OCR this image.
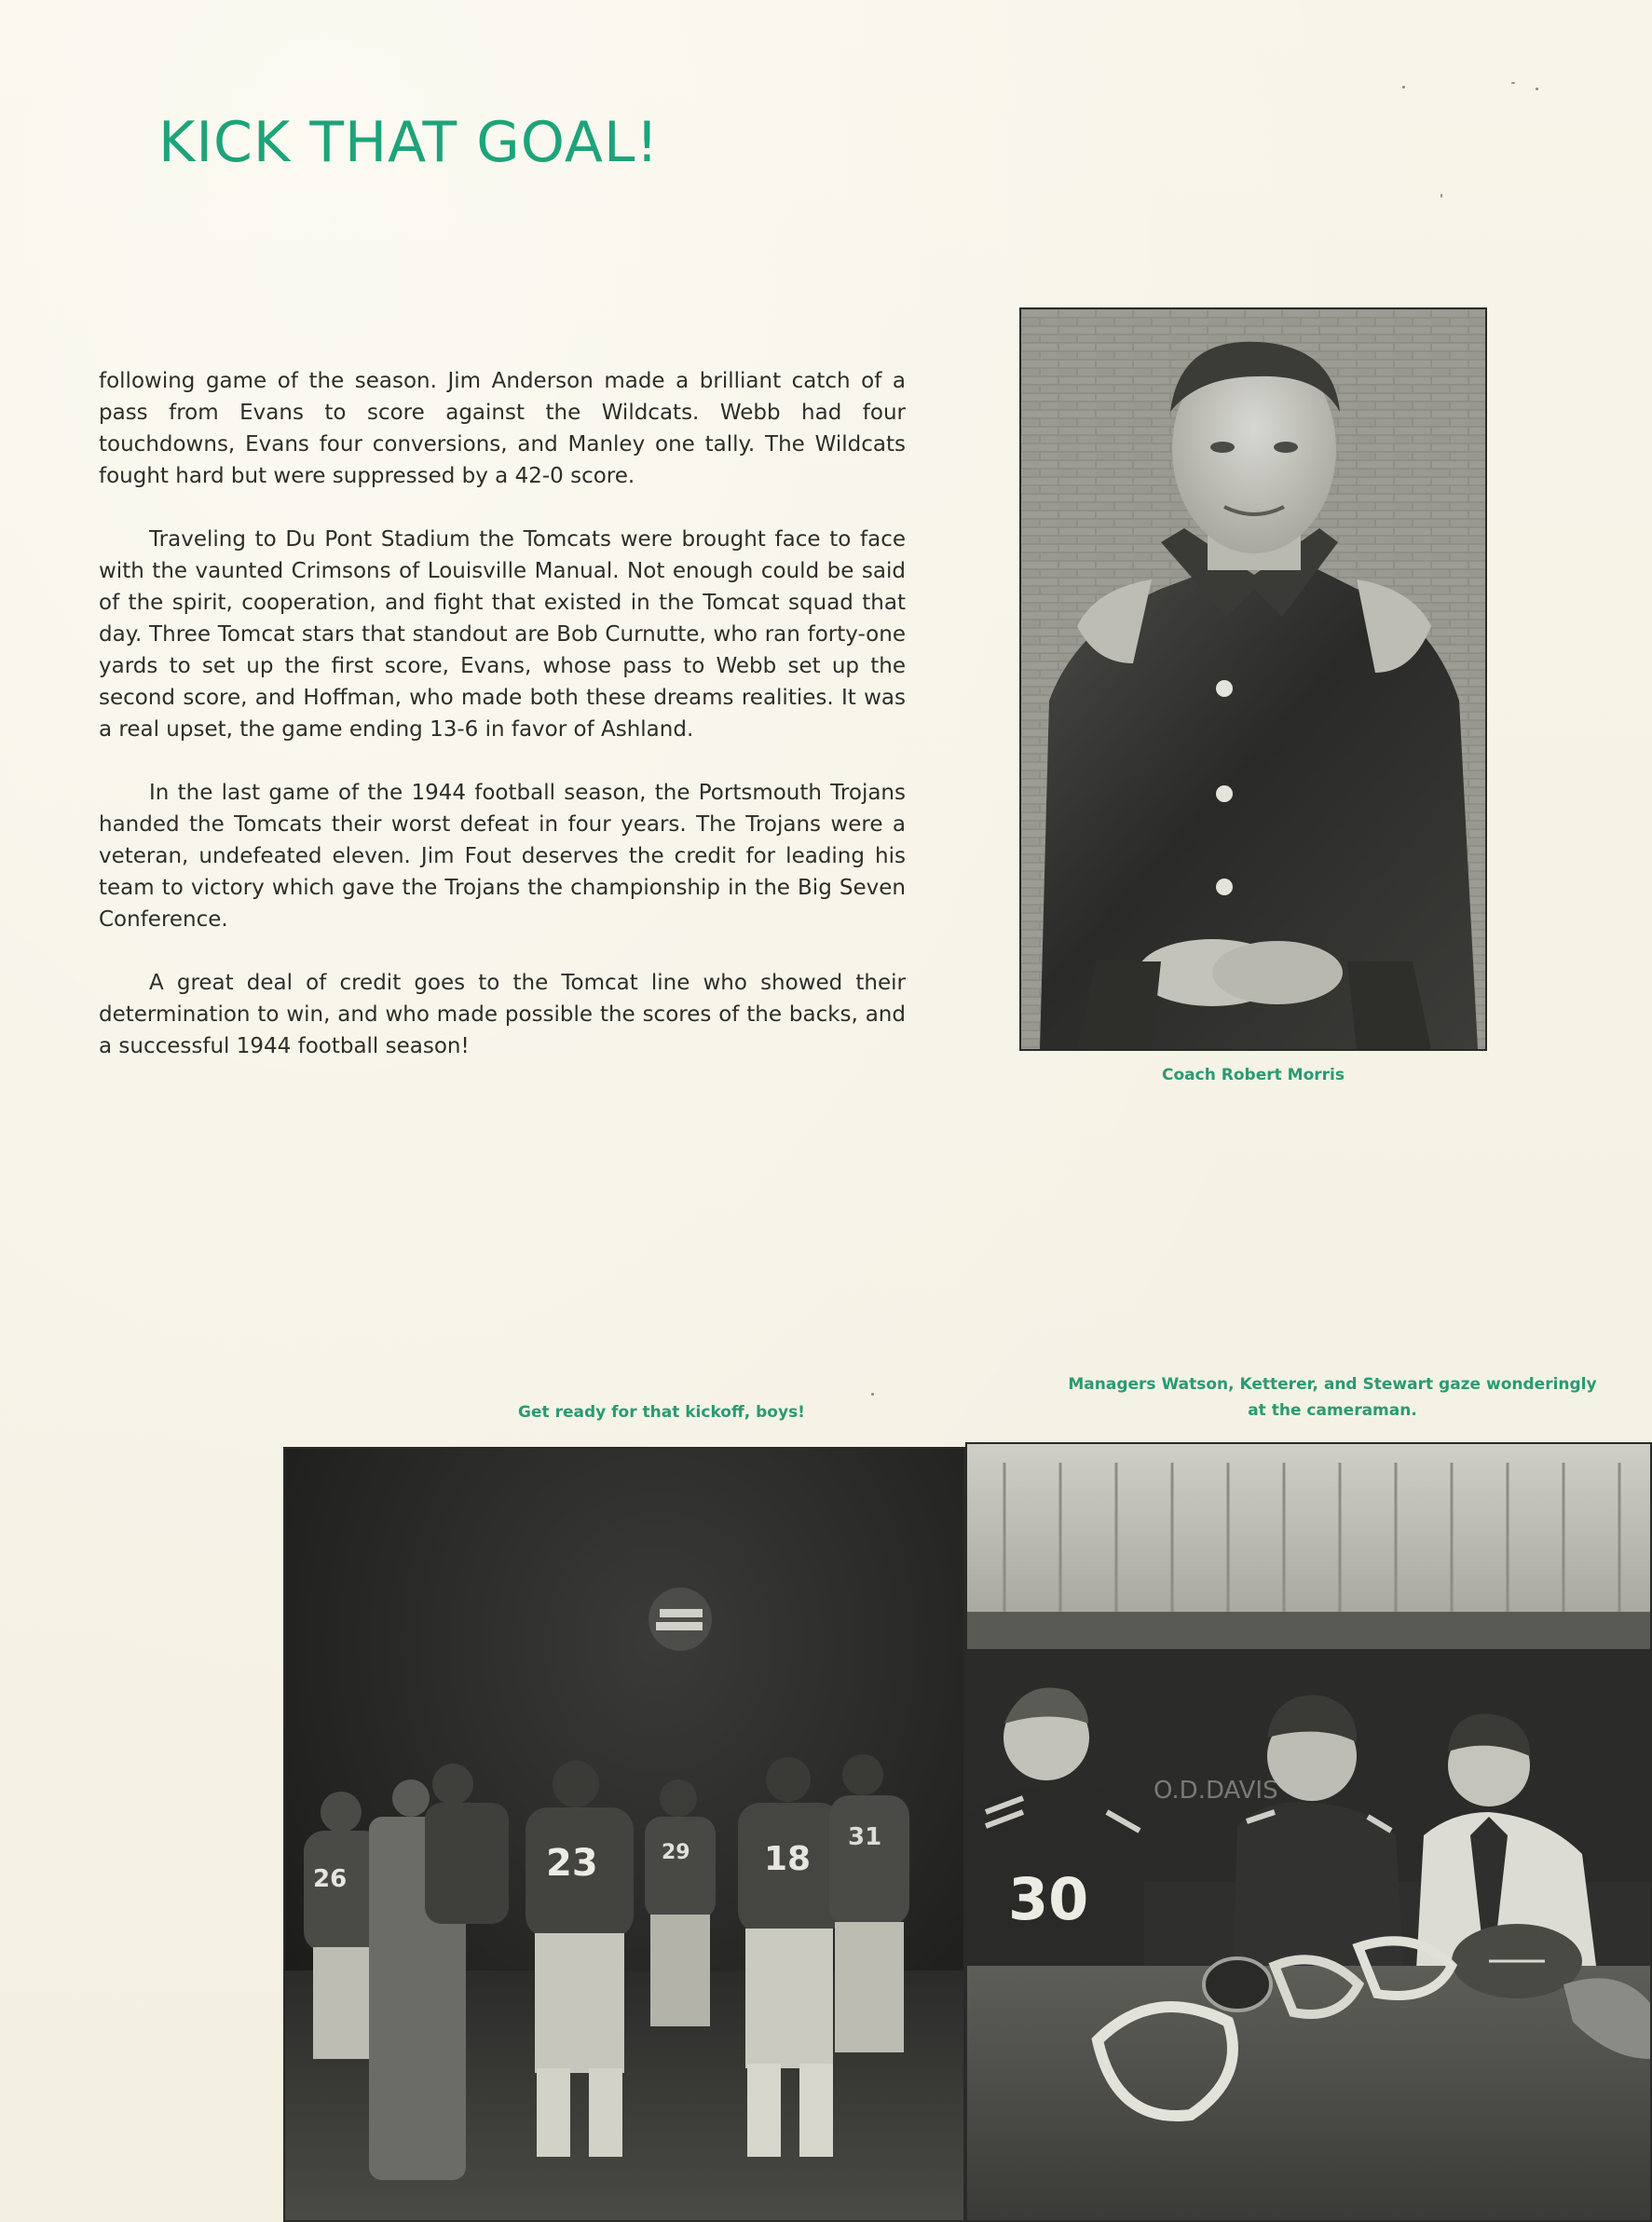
KICK THAT GOAL!

following game of the season. Jim Anderson made a brilliant catch of a pass from Evans to score against the Wildcats. Webb had four touchdowns, Evans four conversions, and Manley one tally. The Wildcats fought hard but were suppressed by a 42-0 score.

Traveling to Du Pont Stadium the Tomcats were brought face to face with the vaunted Crimsons of Louisville Manual. Not enough could be said of the spirit, cooperation, and fight that existed in the Tomcat squad that day. Three Tomcat stars that standout are Bob Curnutte, who ran forty-one yards to set up the first score, Evans, whose pass to Webb set up the second score, and Hoffman, who made both these dreams realities. It was a real upset, the game ending 13-6 in favor of Ashland.

In the last game of the 1944 football season, the Portsmouth Trojans handed the Tomcats their worst defeat in four years. The Trojans were a veteran, undefeated eleven. Jim Fout deserves the credit for leading his team to victory which gave the Trojans the championship in the Big Seven Conference.

A great deal of credit goes to the Tomcat line who showed their determination to win, and who made possible the scores of the backs, and a successful 1944 football season!

Coach Robert Morris

Get ready for that kickoff, boys!

Managers Watson, Ketterer, and Stewart gaze wonderingly

at the cameraman.

26	23	29 18
31
O.D.DAVIS
30
